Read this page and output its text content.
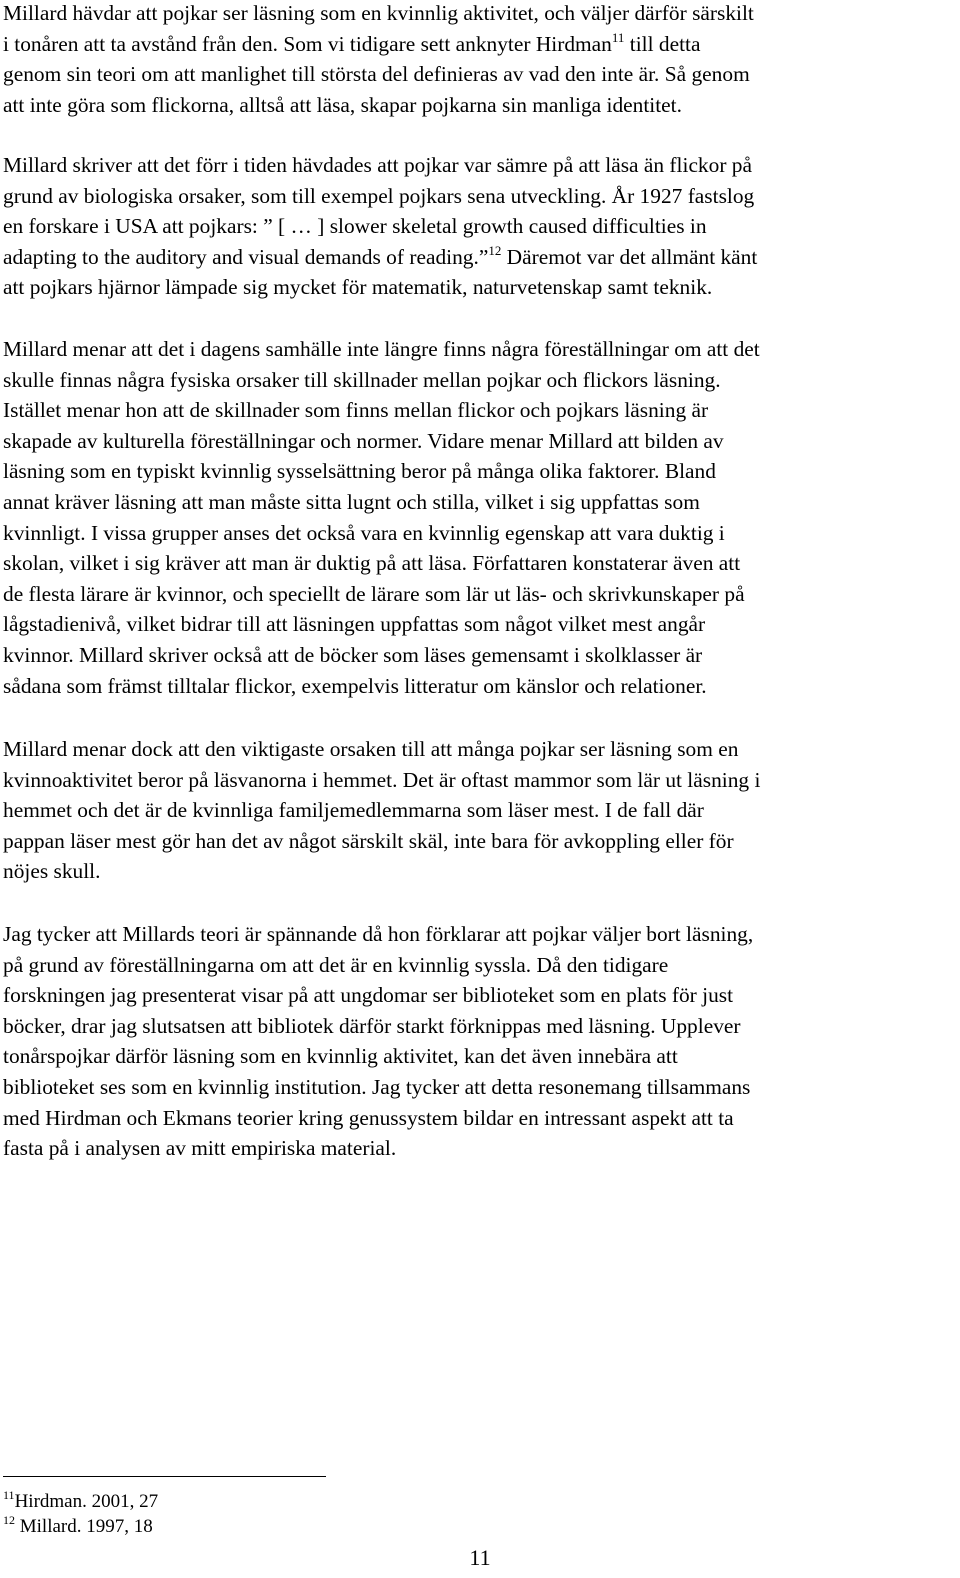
Millard hävdar att pojkar ser läsning som en kvinnlig aktivitet, och väljer därför särskilt
i tonåren att ta avstånd från den. Som vi tidigare sett anknyter Hirdman$^{11}$ till detta
genom sin teori om att manlighet till största del definieras av vad den inte är. Så genom
att inte göra som flickorna, alltså att läsa, skapar pojkarna sin manliga identitet.

Millard skriver att det förr i tiden hävdades att pojkar var sämre på att läsa än flickor på
grund av biologiska orsaker, som till exempel pojkars sena utveckling. År 1927 fastslog
en forskare i USA att pojkars: ” [ … ] slower skeletal growth caused difficulties in
adapting to the auditory and visual demands of reading.”$^{12}$ Däremot var det allmänt känt
att pojkars hjärnor lämpade sig mycket för matematik, naturvetenskap samt teknik.

Millard menar att det i dagens samhälle inte längre finns några föreställningar om att det
skulle finnas några fysiska orsaker till skillnader mellan pojkar och flickors läsning.
Istället menar hon att de skillnader som finns mellan flickor och pojkars läsning är
skapade av kulturella föreställningar och normer. Vidare menar Millard att bilden av
läsning som en typiskt kvinnlig sysselsättning beror på många olika faktorer. Bland
annat kräver läsning att man måste sitta lugnt och stilla, vilket i sig uppfattas som
kvinnligt. I vissa grupper anses det också vara en kvinnlig egenskap att vara duktig i
skolan, vilket i sig kräver att man är duktig på att läsa. Författaren konstaterar även att
de flesta lärare är kvinnor, och speciellt de lärare som lär ut läs- och skrivkunskaper på
lågstadienivå, vilket bidrar till att läsningen uppfattas som något vilket mest angår
kvinnor. Millard skriver också att de böcker som läses gemensamt i skolklasser är
sådana som främst tilltalar flickor, exempelvis litteratur om känslor och relationer.

Millard menar dock att den viktigaste orsaken till att många pojkar ser läsning som en
kvinnoaktivitet beror på läsvanorna i hemmet. Det är oftast mammor som lär ut läsning i
hemmet och det är de kvinnliga familjemedlemmarna som läser mest. I de fall där
pappan läser mest gör han det av något särskilt skäl, inte bara för avkoppling eller för
nöjes skull.

Jag tycker att Millards teori är spännande då hon förklarar att pojkar väljer bort läsning,
på grund av föreställningarna om att det är en kvinnlig syssla. Då den tidigare
forskningen jag presenterat visar på att ungdomar ser biblioteket som en plats för just
böcker, drar jag slutsatsen att bibliotek därför starkt förknippas med läsning. Upplever
tonårspojkar därför läsning som en kvinnlig aktivitet, kan det även innebära att
biblioteket ses som en kvinnlig institution. Jag tycker att detta resonemang tillsammans
med Hirdman och Ekmans teorier kring genussystem bildar en intressant aspekt att ta
fasta på i analysen av mitt empiriska material.

$^{11}$Hirdman. 2001, 27
$^{12}$ Millard. 1997, 18
11
